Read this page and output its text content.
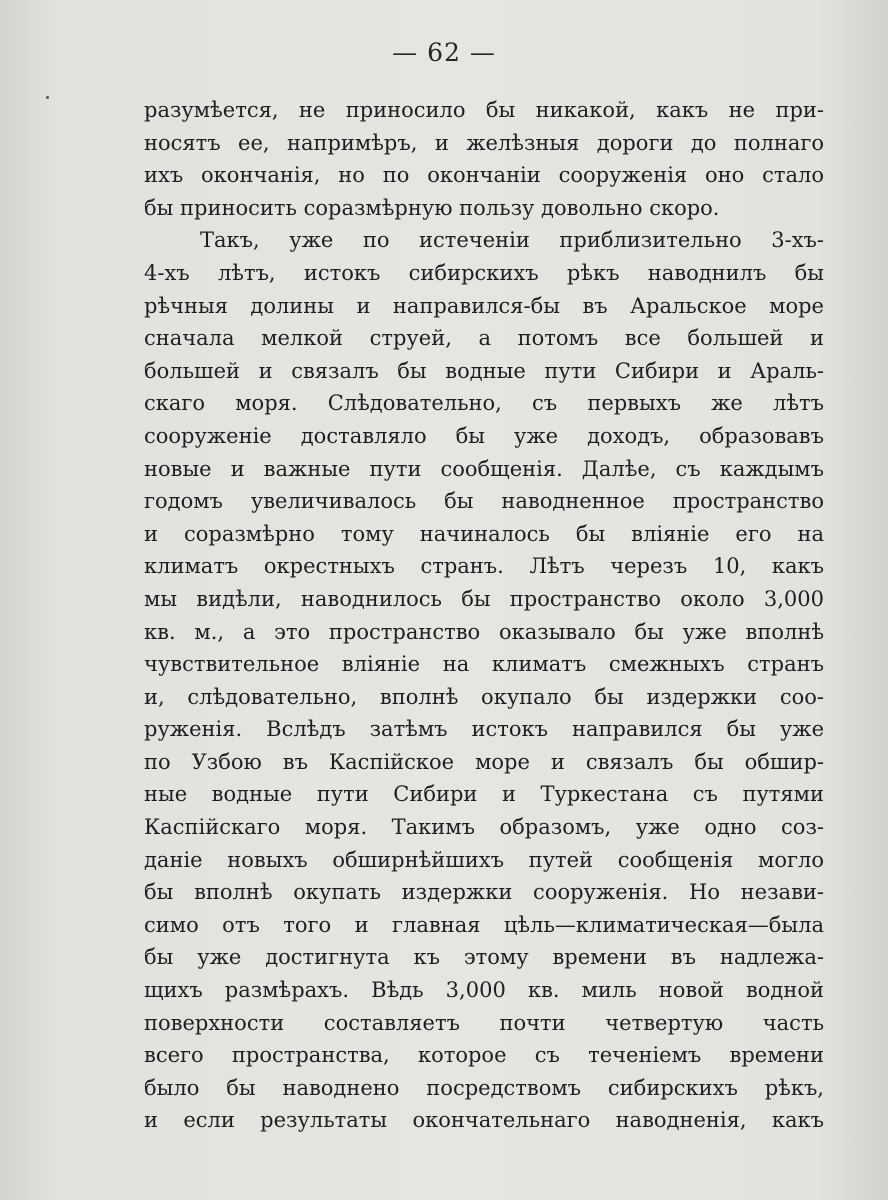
— 62 —
разумѣется, не приносило бы никакой, какъ не при-
носятъ ее, напримѣръ, и желѣзныя дороги до полнаго
ихъ окончанія, но по окончаніи сооруженія оно стало
бы приносить соразмѣрную пользу довольно скоро.
Такъ, уже по истеченіи приблизительно 3-хъ-
4-хъ лѣтъ, истокъ сибирскихъ рѣкъ наводнилъ бы
рѣчныя долины и направился-бы въ Аральское море
сначала мелкой струей, а потомъ все большей и
большей и связалъ бы водные пути Сибири и Араль-
скаго моря. Слѣдовательно, съ первыхъ же лѣтъ
сооруженіе доставляло бы уже доходъ, образовавъ
новые и важные пути сообщенія. Далѣе, съ каждымъ
годомъ увеличивалось бы наводненное пространство
и соразмѣрно тому начиналось бы вліяніе его на
климатъ окрестныхъ странъ. Лѣтъ черезъ 10, какъ
мы видѣли, наводнилось бы пространство около 3,000
кв. м., а это пространство оказывало бы уже вполнѣ
чувствительное вліяніе на климатъ смежныхъ странъ
и, слѣдовательно, вполнѣ окупало бы издержки соо-
руженія. Вслѣдъ затѣмъ истокъ направился бы уже
по Узбою въ Каспійское море и связалъ бы обшир-
ные водные пути Сибири и Туркестана съ путями
Каспійскаго моря. Такимъ образомъ, уже одно соз-
даніе новыхъ обширнѣйшихъ путей сообщенія могло
бы вполнѣ окупать издержки сооруженія. Но незави-
симо отъ того и главная цѣль—климатическая—была
бы уже достигнута къ этому времени въ надлежа-
щихъ размѣрахъ. Вѣдь 3,000 кв. миль новой водной
поверхности составляетъ почти четвертую часть
всего пространства, которое съ теченіемъ времени
было бы наводнено посредствомъ сибирскихъ рѣкъ,
и если результаты окончательнаго наводненія, какъ
